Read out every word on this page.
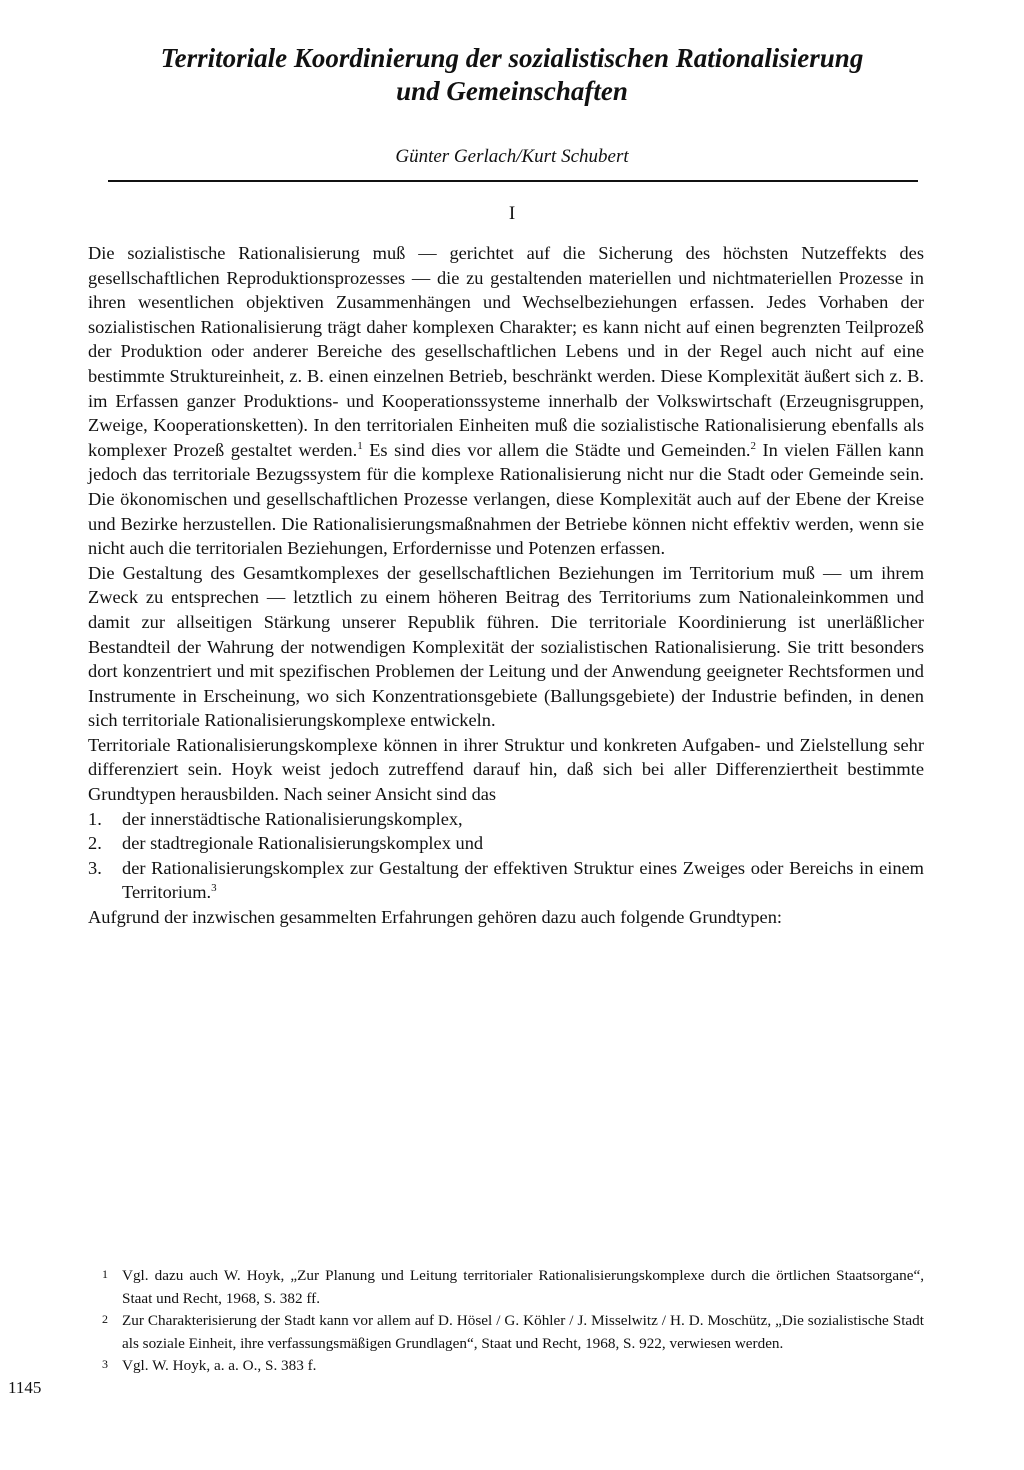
Territoriale Koordinierung der sozialistischen Rationalisierung
und Gemeinschaften

Günter Gerlach/Kurt Schubert

I

Die sozialistische Rationalisierung muß — gerichtet auf die Sicherung des höchsten Nutzeffekts des gesellschaftlichen Reproduktionsprozesses — die zu gestaltenden materiellen und nichtmateriellen Prozesse in ihren wesentlichen objektiven Zusammenhängen und Wechselbeziehungen erfassen. Jedes Vorhaben der sozialistischen Rationalisierung trägt daher komplexen Charakter; es kann nicht auf einen begrenzten Teilprozeß der Produktion oder anderer Bereiche des gesellschaftlichen Lebens und in der Regel auch nicht auf eine bestimmte Struktureinheit, z. B. einen einzelnen Betrieb, beschränkt werden. Diese Komplexität äußert sich z. B. im Erfassen ganzer Produktions- und Kooperationssysteme innerhalb der Volkswirtschaft (Erzeugnisgruppen, Zweige, Kooperationsketten). In den territorialen Einheiten muß die sozialistische Rationalisierung ebenfalls als komplexer Prozeß gestaltet werden.$^1$ Es sind dies vor allem die Städte und Gemeinden.$^2$ In vielen Fällen kann jedoch das territoriale Bezugssystem für die komplexe Rationalisierung nicht nur die Stadt oder Gemeinde sein. Die ökonomischen und gesellschaftlichen Prozesse verlangen, diese Komplexität auch auf der Ebene der Kreise und Bezirke herzustellen. Die Rationalisierungsmaßnahmen der Betriebe können nicht effektiv werden, wenn sie nicht auch die territorialen Beziehungen, Erfordernisse und Potenzen erfassen.

Die Gestaltung des Gesamtkomplexes der gesellschaftlichen Beziehungen im Territorium muß — um ihrem Zweck zu entsprechen — letztlich zu einem höheren Beitrag des Territoriums zum Nationaleinkommen und damit zur allseitigen Stärkung unserer Republik führen. Die territoriale Koordinierung ist unerläßlicher Bestandteil der Wahrung der notwendigen Komplexität der sozialistischen Rationalisierung. Sie tritt besonders dort konzentriert und mit spezifischen Problemen der Leitung und der Anwendung geeigneter Rechtsformen und Instrumente in Erscheinung, wo sich Konzentrationsgebiete (Ballungsgebiete) der Industrie befinden, in denen sich territoriale Rationalisierungskomplexe entwickeln.

Territoriale Rationalisierungskomplexe können in ihrer Struktur und konkreten Aufgaben- und Zielstellung sehr differenziert sein. Hoyk weist jedoch zutreffend darauf hin, daß sich bei aller Differenziertheit bestimmte Grundtypen herausbilden. Nach seiner Ansicht sind das

1.	der innerstädtische Rationalisierungskomplex,
2.	der stadtregionale Rationalisierungskomplex und
3.	der Rationalisierungskomplex zur Gestaltung der effektiven Struktur eines Zweiges oder Bereichs in einem Territorium.$^3$

Aufgrund der inzwischen gesammelten Erfahrungen gehören dazu auch folgende Grundtypen:

1 Vgl. dazu auch W. Hoyk, „Zur Planung und Leitung territorialer Rationalisierungskomplexe durch die örtlichen Staatsorgane“, Staat und Recht, 1968, S. 382 ff.
2 Zur Charakterisierung der Stadt kann vor allem auf D. Hösel / G. Köhler / J. Misselwitz / H. D. Moschütz, „Die sozialistische Stadt als soziale Einheit, ihre verfassungsmäßigen Grundlagen“, Staat und Recht, 1968, S. 922, verwiesen werden.
3 Vgl. W. Hoyk, a. a. O., S. 383 f.
1145
